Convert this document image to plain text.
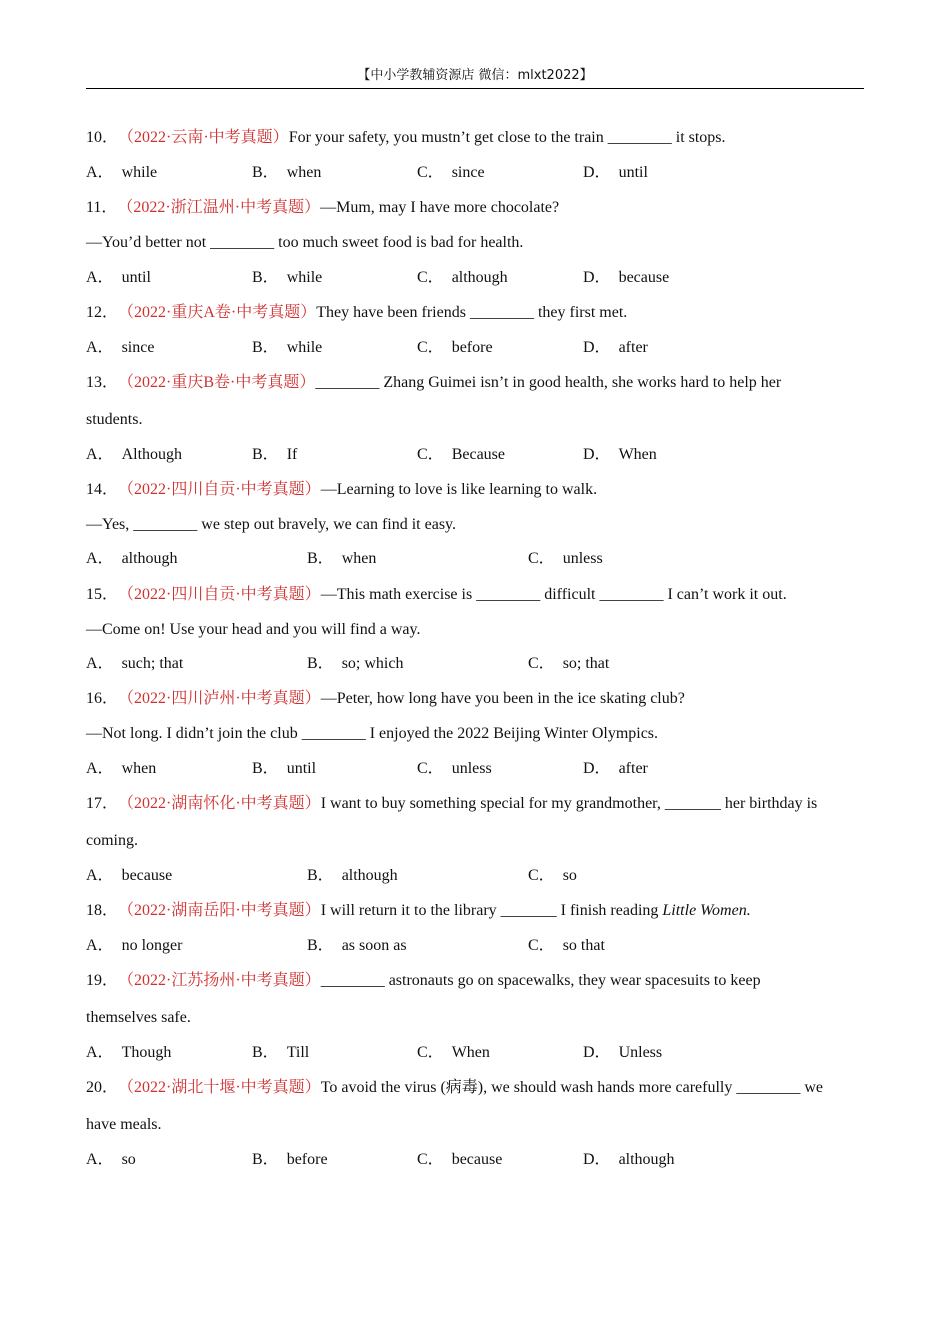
【中小学教辅资源店 微信：mlxt2022】
10．（2022·云南·中考真题）For your safety, you mustn’t get close to the train ________ it stops.
A． while	B． when	C． since	D． until
11．（2022·浙江温州·中考真题）—Mum, may I have more chocolate?
—You’d better not ________ too much sweet food is bad for health.
A． until	B． while	C． although	D． because
12．（2022·重庆A卷·中考真题）They have been friends ________ they first met.
A． since	B． while	C． before	D． after
13．（2022·重庆B卷·中考真题）________ Zhang Guimei isn’t in good health, she works hard to help her
students.
A． Although	B． If	C． Because	D． When
14．（2022·四川自贡·中考真题）—Learning to love is like learning to walk.
—Yes, ________ we step out bravely, we can find it easy.
A． although	B． when	C． unless
15．（2022·四川自贡·中考真题）—This math exercise is ________ difficult ________ I can’t work it out.
—Come on! Use your head and you will find a way.
A． such; that	B． so; which	C． so; that
16．（2022·四川泸州·中考真题）—Peter, how long have you been in the ice skating club?
—Not long. I didn’t join the club ________ I enjoyed the 2022 Beijing Winter Olympics.
A． when	B． until	C． unless	D． after
17．（2022·湖南怀化·中考真题）I want to buy something special for my grandmother, _______ her birthday is
coming.
A． because	B． although	C． so
18．（2022·湖南岳阳·中考真题）I will return it to the library _______ I finish reading Little Women.
A． no longer	B． as soon as	C． so that
19．（2022·江苏扬州·中考真题）________ astronauts go on spacewalks, they wear spacesuits to keep
themselves safe.
A． Though	B． Till	C． When	D． Unless
20．（2022·湖北十堰·中考真题）To avoid the virus (病毒), we should wash hands more carefully ________ we
have meals.
A． so	B． before	C． because	D． although
